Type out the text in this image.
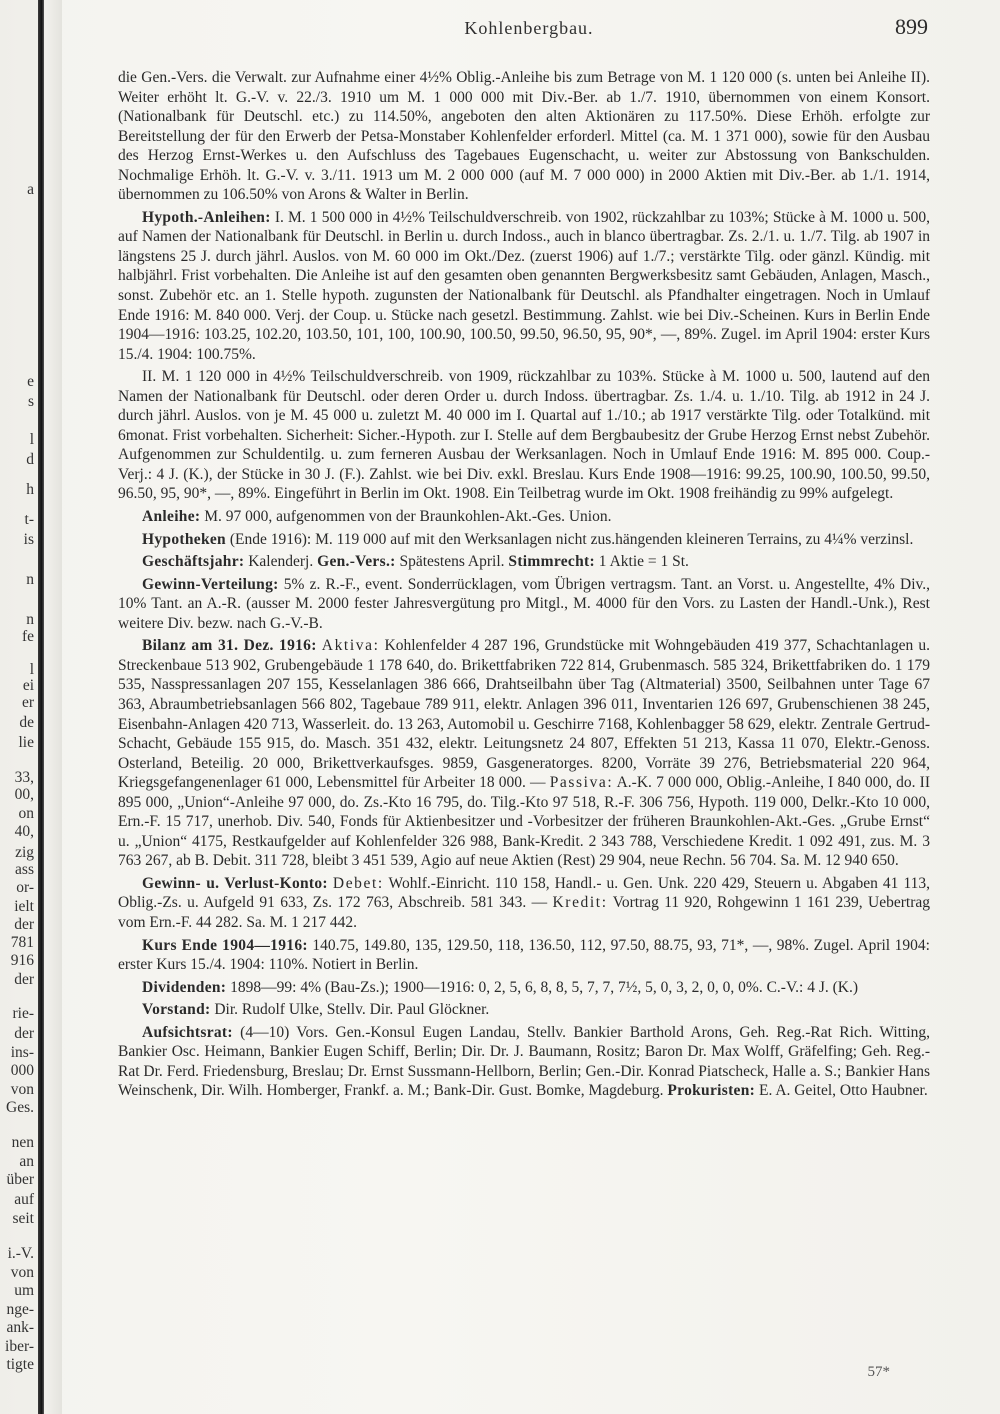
a
e
s
l
d
h
t-
is
n
n
fe
l
ei
er
de
lie
33,
00,
on
40,
zig
ass
or-
ielt
der
781
916
der
rie-
der
ins-
000
von
Ges.
nen
an
über
auf
seit
i.-V.
von
um
nge-
ank-
iber-
tigte
Kohlenbergbau.	899

die Gen.-Vers. die Verwalt. zur Aufnahme einer 4½% Oblig.-Anleihe bis zum Betrage von M. 1 120 000 (s. unten bei Anleihe II). Weiter erhöht lt. G.-V. v. 22./3. 1910 um M. 1 000 000 mit Div.-Ber. ab 1./7. 1910, übernommen von einem Konsort. (Nationalbank für Deutschl. etc.) zu 114.50%, angeboten den alten Aktionären zu 117.50%. Diese Erhöh. erfolgte zur Bereitstellung der für den Erwerb der Petsa-Monstaber Kohlenfelder erforderl. Mittel (ca. M. 1 371 000), sowie für den Ausbau des Herzog Ernst-Werkes u. den Aufschluss des Tagebaues Eugenschacht, u. weiter zur Abstossung von Bankschulden. Nochmalige Erhöh. lt. G.-V. v. 3./11. 1913 um M. 2 000 000 (auf M. 7 000 000) in 2000 Aktien mit Div.-Ber. ab 1./1. 1914, übernommen zu 106.50% von Arons & Walter in Berlin.

Hypoth.-Anleihen: I. M. 1 500 000 in 4½% Teilschuldverschreib. von 1902, rückzahlbar zu 103%; Stücke à M. 1000 u. 500, auf Namen der Nationalbank für Deutschl. in Berlin u. durch Indoss., auch in blanco übertragbar. Zs. 2./1. u. 1./7. Tilg. ab 1907 in längstens 25 J. durch jährl. Auslos. von M. 60 000 im Okt./Dez. (zuerst 1906) auf 1./7.; verstärkte Tilg. oder gänzl. Kündig. mit halbjährl. Frist vorbehalten. Die Anleihe ist auf den gesamten oben genannten Bergwerksbesitz samt Gebäuden, Anlagen, Masch., sonst. Zubehör etc. an 1. Stelle hypoth. zugunsten der Nationalbank für Deutschl. als Pfandhalter eingetragen. Noch in Umlauf Ende 1916: M. 840 000. Verj. der Coup. u. Stücke nach gesetzl. Bestimmung. Zahlst. wie bei Div.-Scheinen. Kurs in Berlin Ende 1904—1916: 103.25, 102.20, 103.50, 101, 100, 100.90, 100.50, 99.50, 96.50, 95, 90*, —, 89%. Zugel. im April 1904: erster Kurs 15./4. 1904: 100.75%.

II. M. 1 120 000 in 4½% Teilschuldverschreib. von 1909, rückzahlbar zu 103%. Stücke à M. 1000 u. 500, lautend auf den Namen der Nationalbank für Deutschl. oder deren Order u. durch Indoss. übertragbar. Zs. 1./4. u. 1./10. Tilg. ab 1912 in 24 J. durch jährl. Auslos. von je M. 45 000 u. zuletzt M. 40 000 im I. Quartal auf 1./10.; ab 1917 verstärkte Tilg. oder Totalkünd. mit 6monat. Frist vorbehalten. Sicherheit: Sicher.-Hypoth. zur I. Stelle auf dem Bergbaubesitz der Grube Herzog Ernst nebst Zubehör. Aufgenommen zur Schuldentilg. u. zum ferneren Ausbau der Werksanlagen. Noch in Umlauf Ende 1916: M. 895 000. Coup.-Verj.: 4 J. (K.), der Stücke in 30 J. (F.). Zahlst. wie bei Div. exkl. Breslau. Kurs Ende 1908—1916: 99.25, 100.90, 100.50, 99.50, 96.50, 95, 90*, —, 89%. Eingeführt in Berlin im Okt. 1908. Ein Teilbetrag wurde im Okt. 1908 freihändig zu 99% aufgelegt.

Anleihe: M. 97 000, aufgenommen von der Braunkohlen-Akt.-Ges. Union.

Hypotheken (Ende 1916): M. 119 000 auf mit den Werksanlagen nicht zus.hängenden kleineren Terrains, zu 4¼% verzinsl.

Geschäftsjahr: Kalenderj. Gen.-Vers.: Spätestens April. Stimmrecht: 1 Aktie = 1 St.

Gewinn-Verteilung: 5% z. R.-F., event. Sonderrücklagen, vom Übrigen vertragsm. Tant. an Vorst. u. Angestellte, 4% Div., 10% Tant. an A.-R. (ausser M. 2000 fester Jahresvergütung pro Mitgl., M. 4000 für den Vors. zu Lasten der Handl.-Unk.), Rest weitere Div. bezw. nach G.-V.-B.

Bilanz am 31. Dez. 1916: Aktiva: Kohlenfelder 4 287 196, Grundstücke mit Wohngebäuden 419 377, Schachtanlagen u. Streckenbaue 513 902, Grubengebäude 1 178 640, do. Brikettfabriken 722 814, Grubenmasch. 585 324, Brikettfabriken do. 1 179 535, Nasspressanlagen 207 155, Kesselanlagen 386 666, Drahtseilbahn über Tag (Altmaterial) 3500, Seilbahnen unter Tage 67 363, Abraumbetriebsanlagen 566 802, Tagebaue 789 911, elektr. Anlagen 396 011, Inventarien 126 697, Grubenschienen 38 245, Eisenbahn-Anlagen 420 713, Wasserleit. do. 13 263, Automobil u. Geschirre 7168, Kohlenbagger 58 629, elektr. Zentrale Gertrud-Schacht, Gebäude 155 915, do. Masch. 351 432, elektr. Leitungsnetz 24 807, Effekten 51 213, Kassa 11 070, Elektr.-Genoss. Osterland, Beteilig. 20 000, Brikettverkaufsges. 9859, Gasgeneratorges. 8200, Vorräte 39 276, Betriebsmaterial 220 964, Kriegsgefangenenlager 61 000, Lebensmittel für Arbeiter 18 000. — Passiva: A.-K. 7 000 000, Oblig.-Anleihe, I 840 000, do. II 895 000, „Union“-Anleihe 97 000, do. Zs.-Kto 16 795, do. Tilg.-Kto 97 518, R.-F. 306 756, Hypoth. 119 000, Delkr.-Kto 10 000, Ern.-F. 15 717, unerhob. Div. 540, Fonds für Aktienbesitzer und -Vorbesitzer der früheren Braunkohlen-Akt.-Ges. „Grube Ernst“ u. „Union“ 4175, Restkaufgelder auf Kohlenfelder 326 988, Bank-Kredit. 2 343 788, Verschiedene Kredit. 1 092 491, zus. M. 3 763 267, ab B. Debit. 311 728, bleibt 3 451 539, Agio auf neue Aktien (Rest) 29 904, neue Rechn. 56 704. Sa. M. 12 940 650.

Gewinn- u. Verlust-Konto: Debet: Wohlf.-Einricht. 110 158, Handl.- u. Gen. Unk. 220 429, Steuern u. Abgaben 41 113, Oblig.-Zs. u. Aufgeld 91 633, Zs. 172 763, Abschreib. 581 343. — Kredit: Vortrag 11 920, Rohgewinn 1 161 239, Uebertrag vom Ern.-F. 44 282. Sa. M. 1 217 442.

Kurs Ende 1904—1916: 140.75, 149.80, 135, 129.50, 118, 136.50, 112, 97.50, 88.75, 93, 71*, —, 98%. Zugel. April 1904: erster Kurs 15./4. 1904: 110%. Notiert in Berlin.

Dividenden: 1898—99: 4% (Bau-Zs.); 1900—1916: 0, 2, 5, 6, 8, 8, 5, 7, 7, 7½, 5, 0, 3, 2, 0, 0, 0%. C.-V.: 4 J. (K.)

Vorstand: Dir. Rudolf Ulke, Stellv. Dir. Paul Glöckner.

Aufsichtsrat: (4—10) Vors. Gen.-Konsul Eugen Landau, Stellv. Bankier Barthold Arons, Geh. Reg.-Rat Rich. Witting, Bankier Osc. Heimann, Bankier Eugen Schiff, Berlin; Dir. Dr. J. Baumann, Rositz; Baron Dr. Max Wolff, Gräfelfing; Geh. Reg.-Rat Dr. Ferd. Friedensburg, Breslau; Dr. Ernst Sussmann-Hellborn, Berlin; Gen.-Dir. Konrad Piatscheck, Halle a. S.; Bankier Hans Weinschenk, Dir. Wilh. Homberger, Frankf. a. M.; Bank-Dir. Gust. Bomke, Magdeburg. Prokuristen: E. A. Geitel, Otto Haubner.

57*
